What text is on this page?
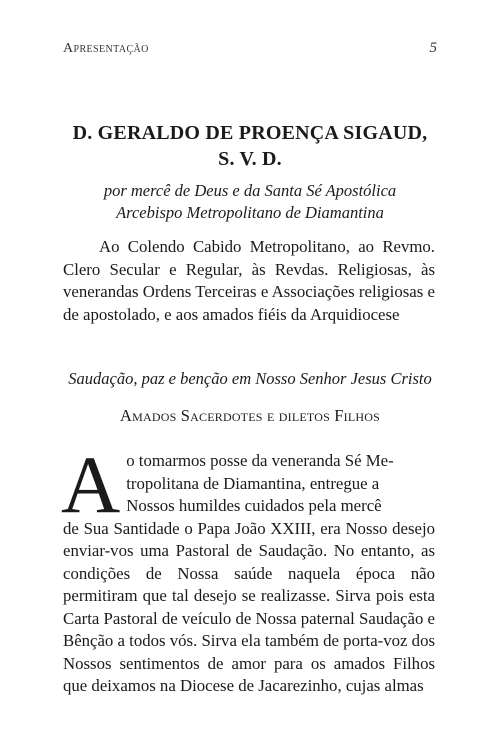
Apresentação	5
D. GERALDO DE PROENÇA SIGAUD,
S. V. D.
por mercê de Deus e da Santa Sé Apostólica
Arcebispo Metropolitano de Diamantina
Ao Colendo Cabido Metropolitano, ao Revmo. Clero Secular e Regular, às Revdas. Religiosas, às venerandas Ordens Terceiras e Associações religiosas e de apostolado, e aos amados fiéis da Arquidiocese
Saudação, paz e benção em Nosso Senhor Jesus Cristo
Amados Sacerdotes e diletos Filhos
A o tomarmos posse da veneranda Sé Me-
tropolitana de Diamantina, entregue a
Nossos humildes cuidados pela mercê
de Sua Santidade o Papa João XXIII, era Nosso desejo enviar-vos uma Pastoral de Saudação. No entanto, as condições de Nossa saúde naquela época não permitiram que tal desejo se realizasse. Sirva pois esta Carta Pastoral de veículo de Nossa paternal Saudação e Bênção a todos vós. Sirva ela também de porta-voz dos Nossos sentimentos de amor para os amados Filhos que deixamos na Diocese de Jacarezinho, cujas almas
